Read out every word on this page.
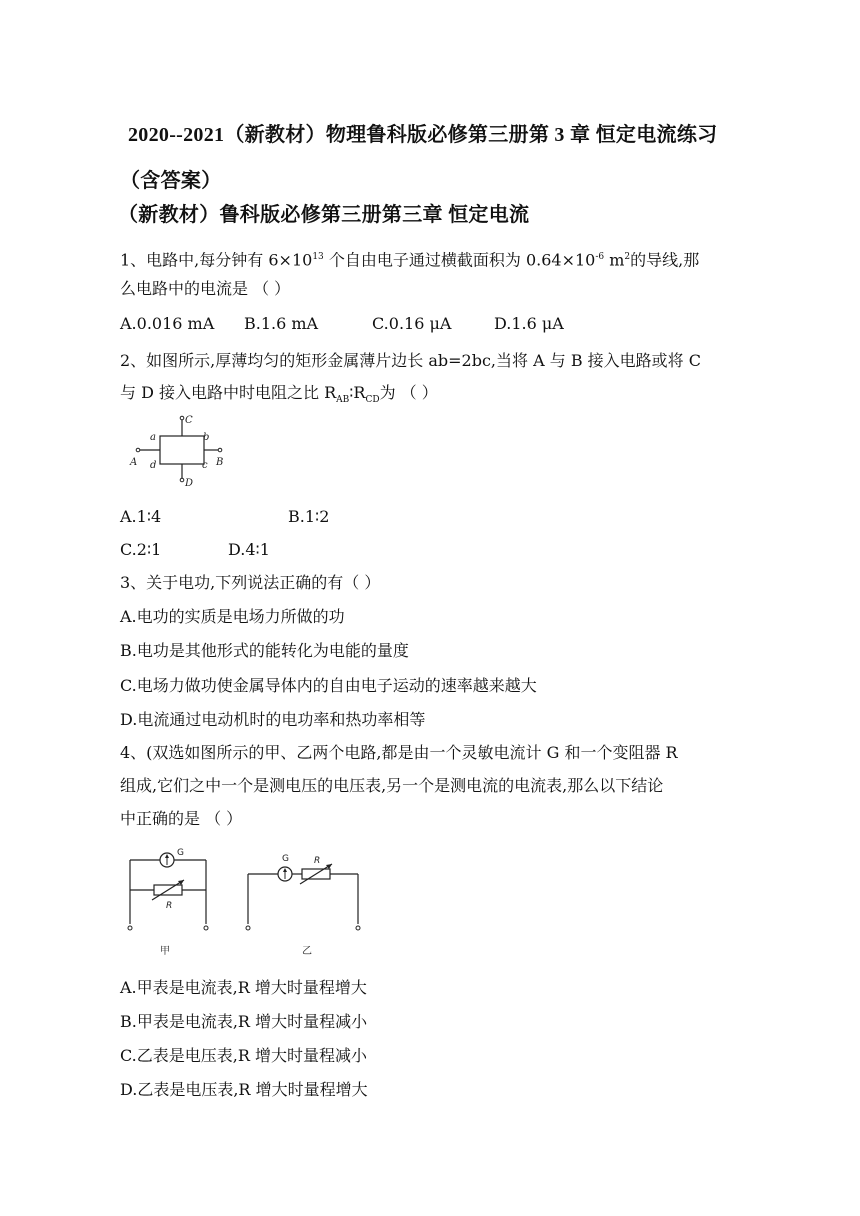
2020--2021（新教材）物理鲁科版必修第三册第 3 章 恒定电流练习
（含答案）
（新教材）鲁科版必修第三册第三章 恒定电流
1、电路中,每分钟有 $6\times 10^{13}$ 个自由电子通过横截面积为 $0.64\times 10^{-6}$ $m^2$的导线,那
么电路中的电流是 （ ）
A.0.016 mA B.1.6 mA	C.0.16 μA	D.1.6 μA
2、如图所示,厚薄均匀的矩形金属薄片边长 ab=2bc,当将 A 与 B 接入电路或将 C
与 D 接入电路中时电阻之比 $R_{AB}∶R_{CD}$为 （ ）
C
D
A	B
a	b
d	c
A.1∶4	B.1∶2
C.2∶1	D.4∶1
3、关于电功,下列说法正确的有（ ）
A.电功的实质是电场力所做的功
B.电功是其他形式的能转化为电能的量度
C.电场力做功使金属导体内的自由电子运动的速率越来越大
D.电流通过电动机时的电功率和热功率相等
4、(双选如图所示的甲、乙两个电路,都是由一个灵敏电流计 G 和一个变阻器 R
组成,它们之中一个是测电压的电压表,另一个是测电流的电流表,那么以下结论
中正确的是 （ ）
G
R
甲
G	R
乙
A.甲表是电流表,R 增大时量程增大
B.甲表是电流表,R 增大时量程减小
C.乙表是电压表,R 增大时量程减小
D.乙表是电压表,R 增大时量程增大
